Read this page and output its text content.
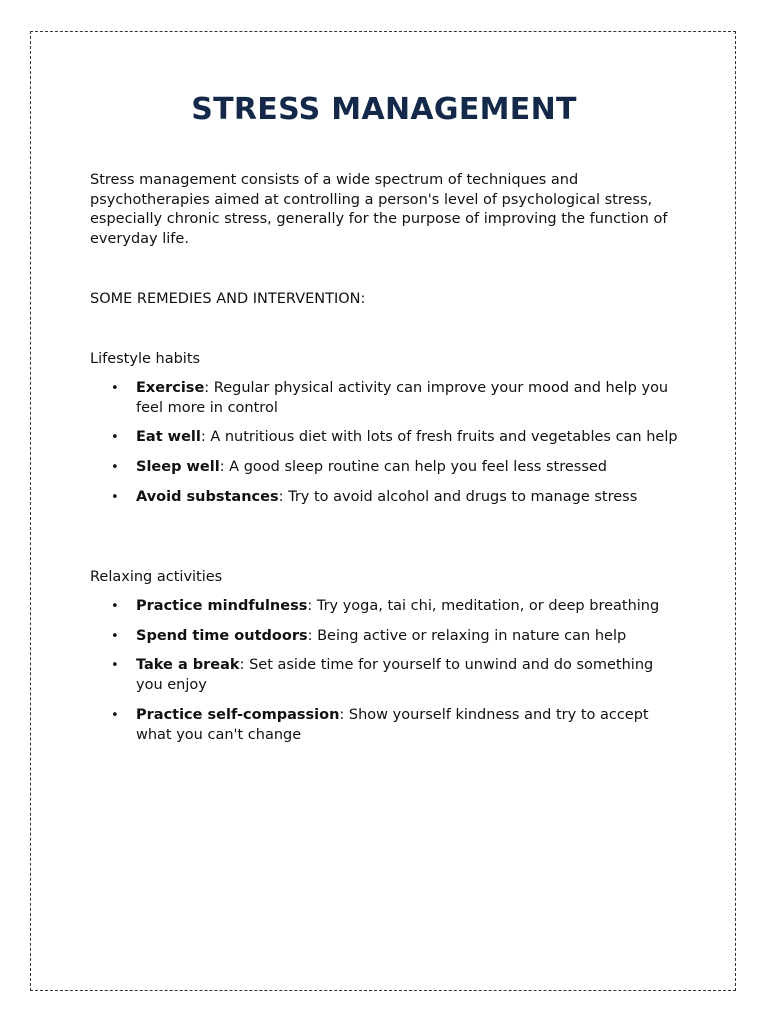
STRESS MANAGEMENT

Stress management consists of a wide spectrum of techniques and psychotherapies aimed at controlling a person's level of psychological stress, especially chronic stress, generally for the purpose of improving the function of everyday life.

SOME REMEDIES AND INTERVENTION:

Lifestyle habits

• Exercise: Regular physical activity can improve your mood and help you feel more in control
• Eat well: A nutritious diet with lots of fresh fruits and vegetables can help
• Sleep well: A good sleep routine can help you feel less stressed
• Avoid substances: Try to avoid alcohol and drugs to manage stress

Relaxing activities

• Practice mindfulness: Try yoga, tai chi, meditation, or deep breathing
• Spend time outdoors: Being active or relaxing in nature can help
• Take a break: Set aside time for yourself to unwind and do something you enjoy
• Practice self-compassion: Show yourself kindness and try to accept what you can't change
